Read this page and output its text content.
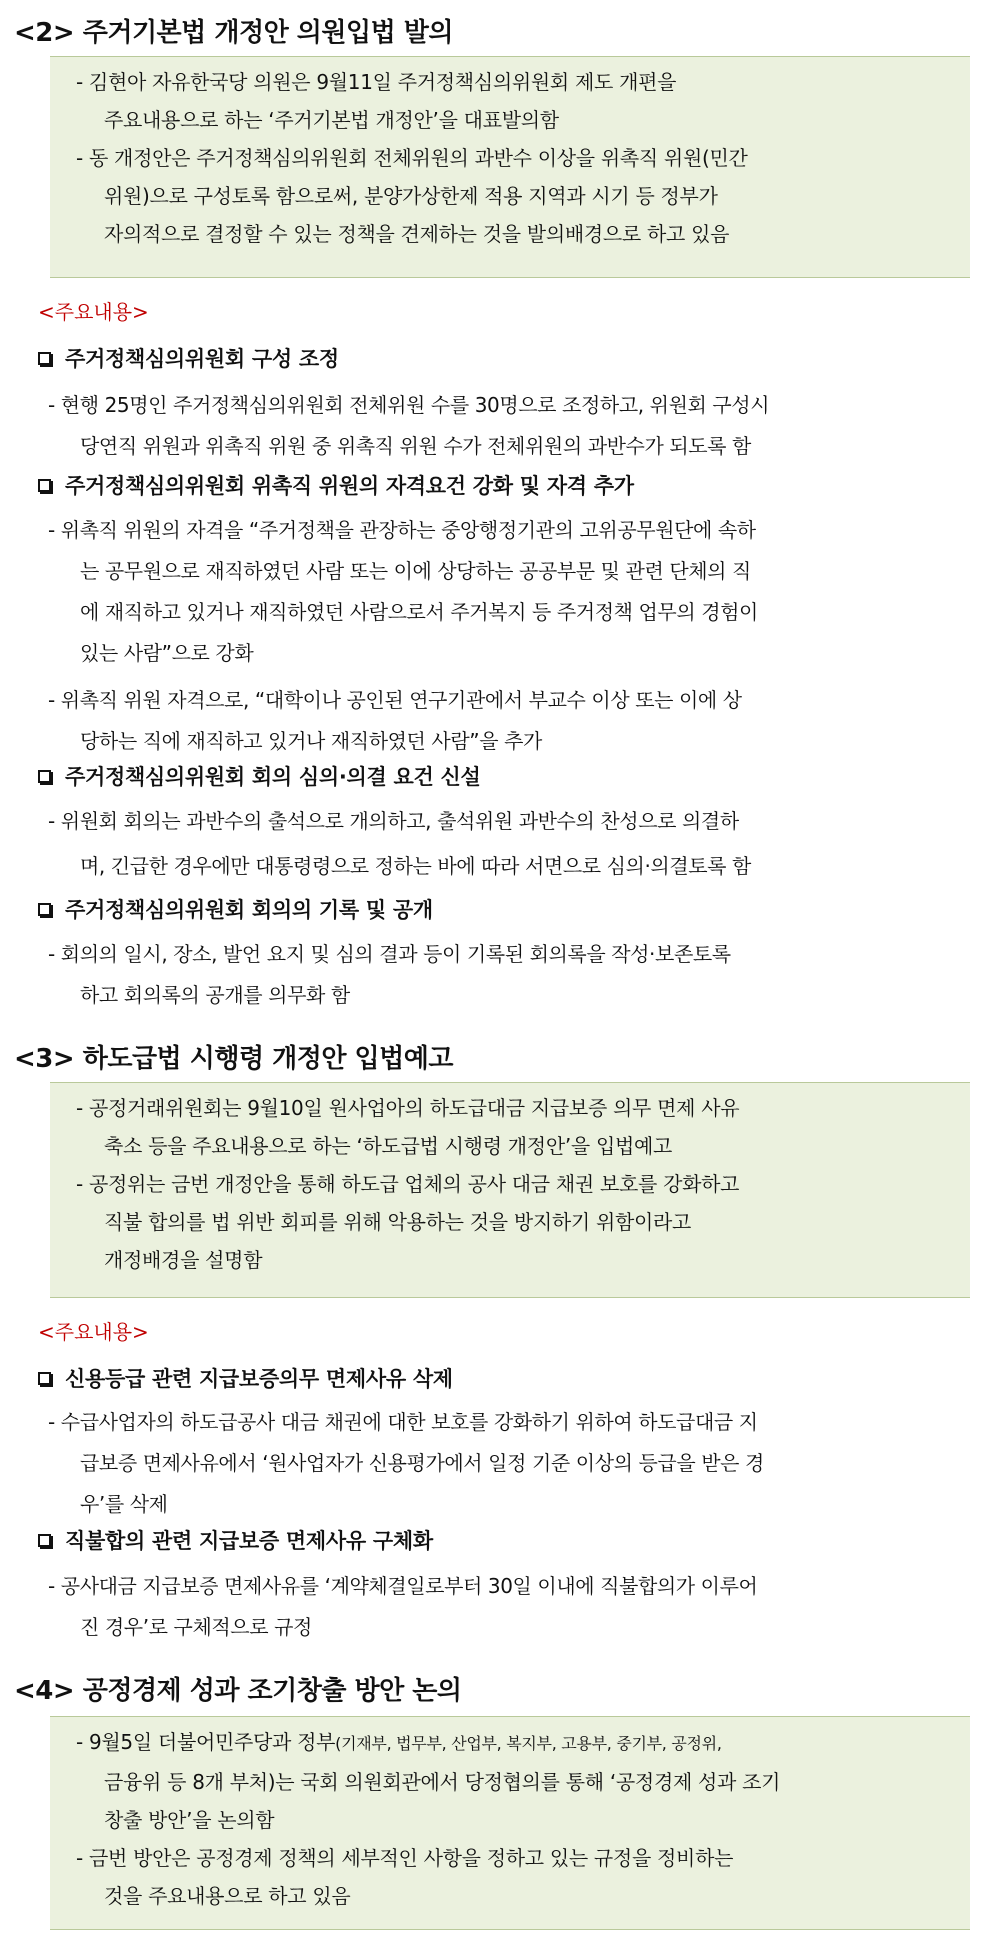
<2> 주거기본법 개정안 의원입법 발의
- 김현아 자유한국당 의원은 9월11일 주거정책심의위원회 제도 개편을
주요내용으로 하는 ‘주거기본법 개정안’을 대표발의함
- 동 개정안은 주거정책심의위원회 전체위원의 과반수 이상을 위촉직 위원(민간
위원)으로 구성토록 함으로써, 분양가상한제 적용 지역과 시기 등 정부가
자의적으로 결정할 수 있는 정책을 견제하는 것을 발의배경으로 하고 있음
<주요내용>
주거정책심의위원회 구성 조정
- 현행 25명인 주거정책심의위원회 전체위원 수를 30명으로 조정하고, 위원회 구성시
당연직 위원과 위촉직 위원 중 위촉직 위원 수가 전체위원의 과반수가 되도록 함
주거정책심의위원회 위촉직 위원의 자격요건 강화 및 자격 추가
- 위촉직 위원의 자격을 “주거정책을 관장하는 중앙행정기관의 고위공무원단에 속하
는 공무원으로 재직하였던 사람 또는 이에 상당하는 공공부문 및 관련 단체의 직
에 재직하고 있거나 재직하였던 사람으로서 주거복지 등 주거정책 업무의 경험이
있는 사람”으로 강화
- 위촉직 위원 자격으로, “대학이나 공인된 연구기관에서 부교수 이상 또는 이에 상
당하는 직에 재직하고 있거나 재직하였던 사람”을 추가
주거정책심의위원회 회의 심의·의결 요건 신설
- 위원회 회의는 과반수의 출석으로 개의하고, 출석위원 과반수의 찬성으로 의결하
며, 긴급한 경우에만 대통령령으로 정하는 바에 따라 서면으로 심의·의결토록 함
주거정책심의위원회 회의의 기록 및 공개
- 회의의 일시, 장소, 발언 요지 및 심의 결과 등이 기록된 회의록을 작성·보존토록
하고 회의록의 공개를 의무화 함
<3> 하도급법 시행령 개정안 입법예고
- 공정거래위원회는 9월10일 원사업아의 하도급대금 지급보증 의무 면제 사유
축소 등을 주요내용으로 하는 ‘하도급법 시행령 개정안’을 입법예고
- 공정위는 금번 개정안을 통해 하도급 업체의 공사 대금 채권 보호를 강화하고
직불 합의를 법 위반 회피를 위해 악용하는 것을 방지하기 위함이라고
개정배경을 설명함
<주요내용>
신용등급 관련 지급보증의무 면제사유 삭제
- 수급사업자의 하도급공사 대금 채권에 대한 보호를 강화하기 위하여 하도급대금 지
급보증 면제사유에서 ‘원사업자가 신용평가에서 일정 기준 이상의 등급을 받은 경
우’를 삭제
직불합의 관련 지급보증 면제사유 구체화
- 공사대금 지급보증 면제사유를 ‘계약체결일로부터 30일 이내에 직불합의가 이루어
진 경우’로 구체적으로 규정
<4> 공정경제 성과 조기창출 방안 논의
- 9월5일 더불어민주당과 정부(기재부, 법무부, 산업부, 복지부, 고용부, 중기부, 공정위,
금융위 등 8개 부처)는 국회 의원회관에서 당정협의를 통해 ‘공정경제 성과 조기
창출 방안’을 논의함
- 금번 방안은 공정경제 정책의 세부적인 사항을 정하고 있는 규정을 정비하는
것을 주요내용으로 하고 있음
